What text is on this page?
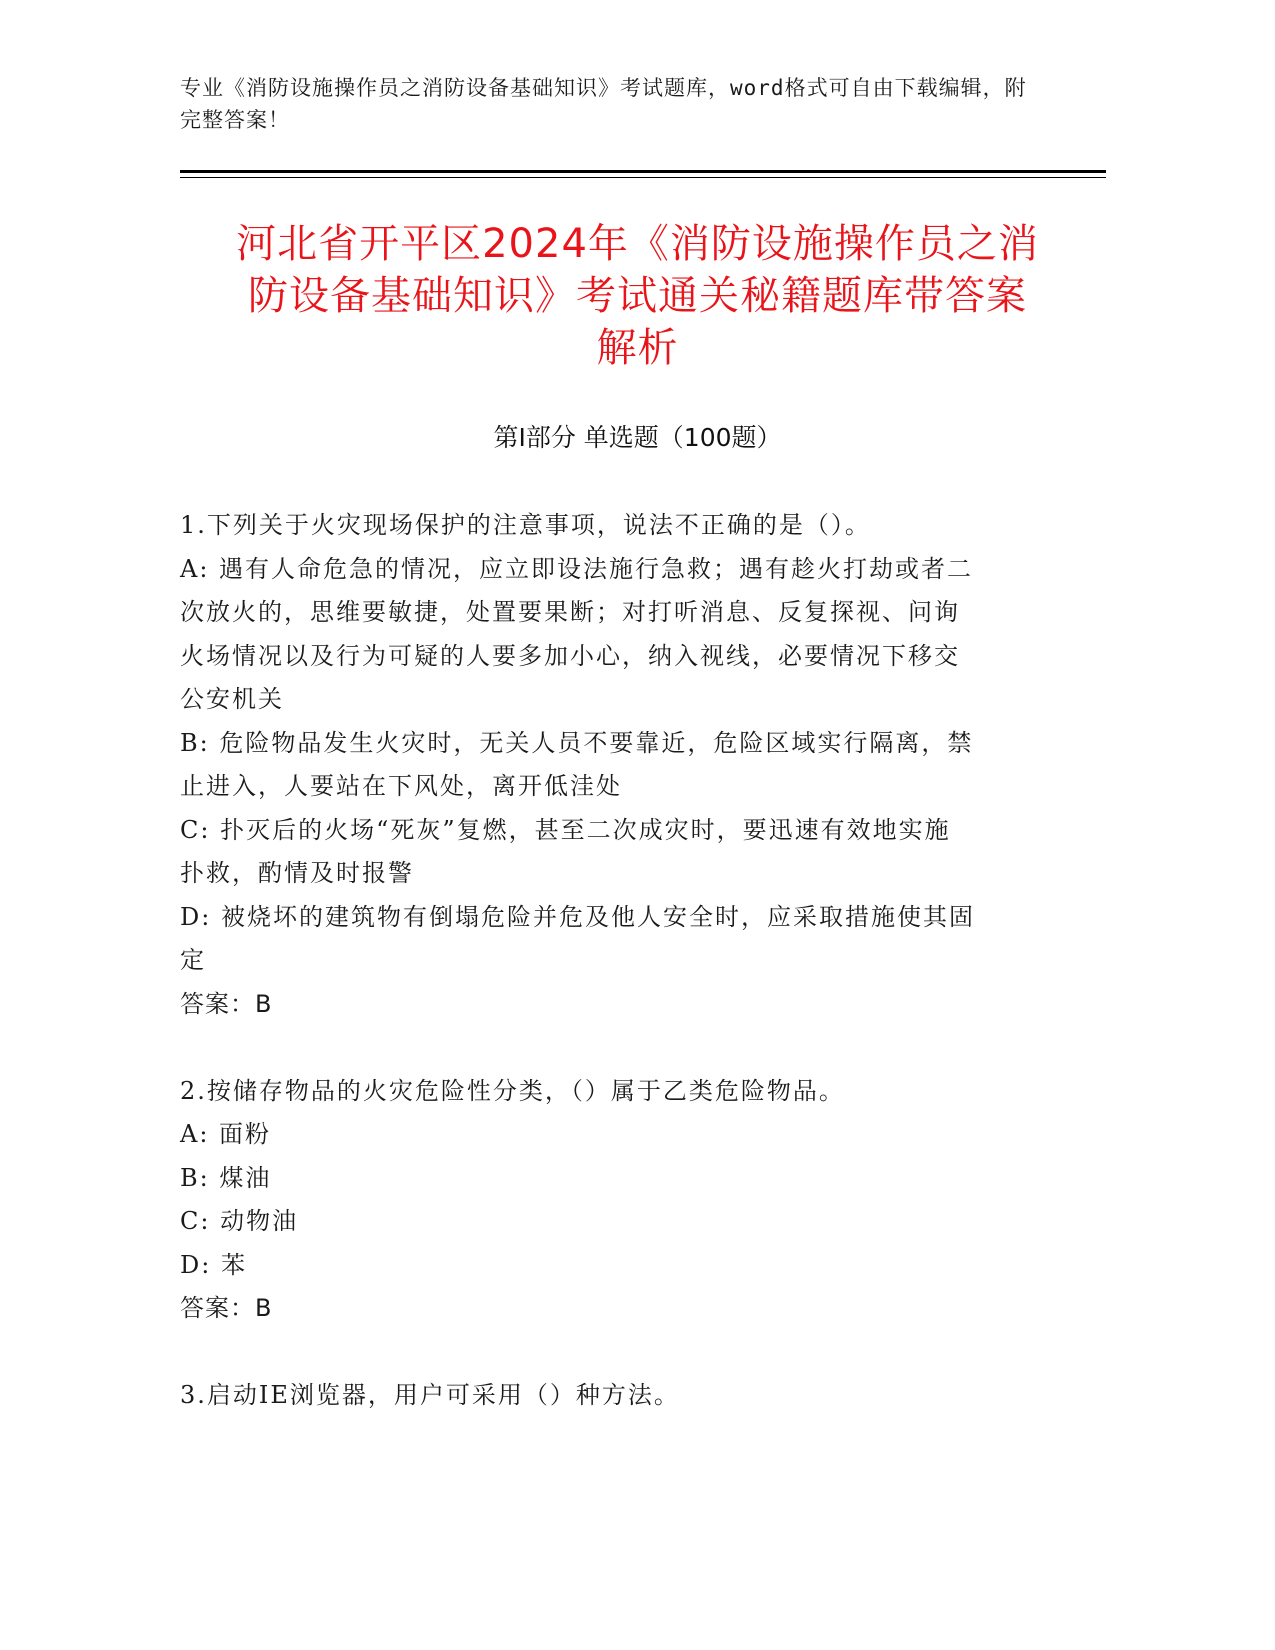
专业《消防设施操作员之消防设备基础知识》考试题库，word格式可自由下载编辑，附完整答案！
河北省开平区2024年《消防设施操作员之消
防设备基础知识》考试通关秘籍题库带答案
解析
第I部分 单选题（100题）

1.下列关于火灾现场保护的注意事项，说法不正确的是（）。

A: 遇有人命危急的情况，应立即设法施行急救；遇有趁火打劫或者二

次放火的，思维要敏捷，处置要果断；对打听消息、反复探视、问询

火场情况以及行为可疑的人要多加小心，纳入视线，必要情况下移交

公安机关

B: 危险物品发生火灾时，无关人员不要靠近，危险区域实行隔离，禁

止进入，人要站在下风处，离开低洼处

C: 扑灭后的火场“死灰”复燃，甚至二次成灾时，要迅速有效地实施

扑救，酌情及时报警

D: 被烧坏的建筑物有倒塌危险并危及他人安全时，应采取措施使其固

定

答案：B

2.按储存物品的火灾危险性分类，（）属于乙类危险物品。

A: 面粉

B: 煤油

C: 动物油

D: 苯

答案：B

3.启动IE浏览器，用户可采用（）种方法。
